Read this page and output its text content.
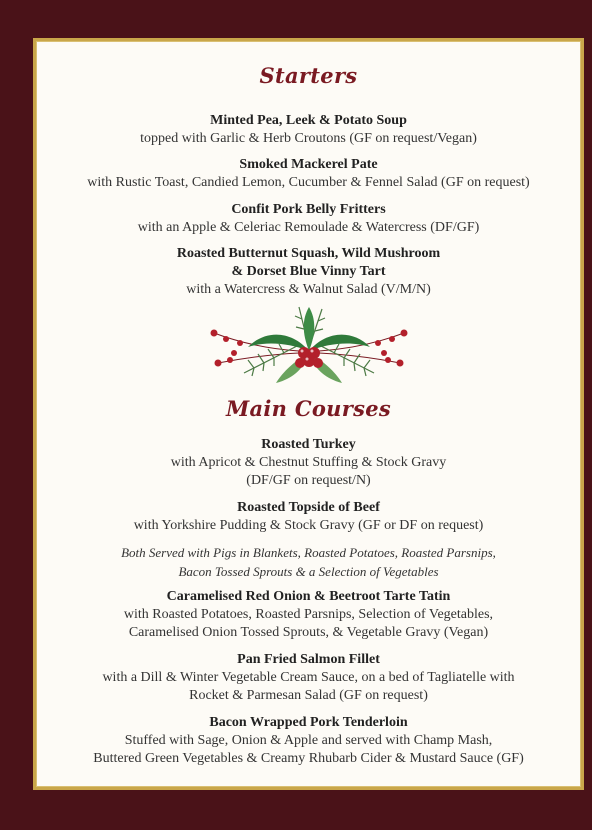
Starters
Minted Pea, Leek & Potato Soup
topped with Garlic & Herb Croutons (GF on request/Vegan)
Smoked Mackerel Pate
with Rustic Toast, Candied Lemon, Cucumber & Fennel Salad (GF on request)
Confit Pork Belly Fritters
with an Apple & Celeriac Remoulade & Watercress (DF/GF)
Roasted Butternut Squash, Wild Mushroom
& Dorset Blue Vinny Tart
with a Watercress & Walnut Salad (V/M/N)
Main Courses
Roasted Turkey
with Apricot & Chestnut Stuffing & Stock Gravy
(DF/GF on request/N)
Roasted Topside of Beef
with Yorkshire Pudding & Stock Gravy (GF or DF on request)
Both Served with Pigs in Blankets, Roasted Potatoes, Roasted Parsnips,
Bacon Tossed Sprouts & a Selection of Vegetables
Caramelised Red Onion & Beetroot Tarte Tatin
with Roasted Potatoes, Roasted Parsnips, Selection of Vegetables,
Caramelised Onion Tossed Sprouts, & Vegetable Gravy (Vegan)
Pan Fried Salmon Fillet
with a Dill & Winter Vegetable Cream Sauce, on a bed of Tagliatelle with
Rocket & Parmesan Salad (GF on request)
Bacon Wrapped Pork Tenderloin
Stuffed with Sage, Onion & Apple and served with Champ Mash,
Buttered Green Vegetables & Creamy Rhubarb Cider & Mustard Sauce (GF)
